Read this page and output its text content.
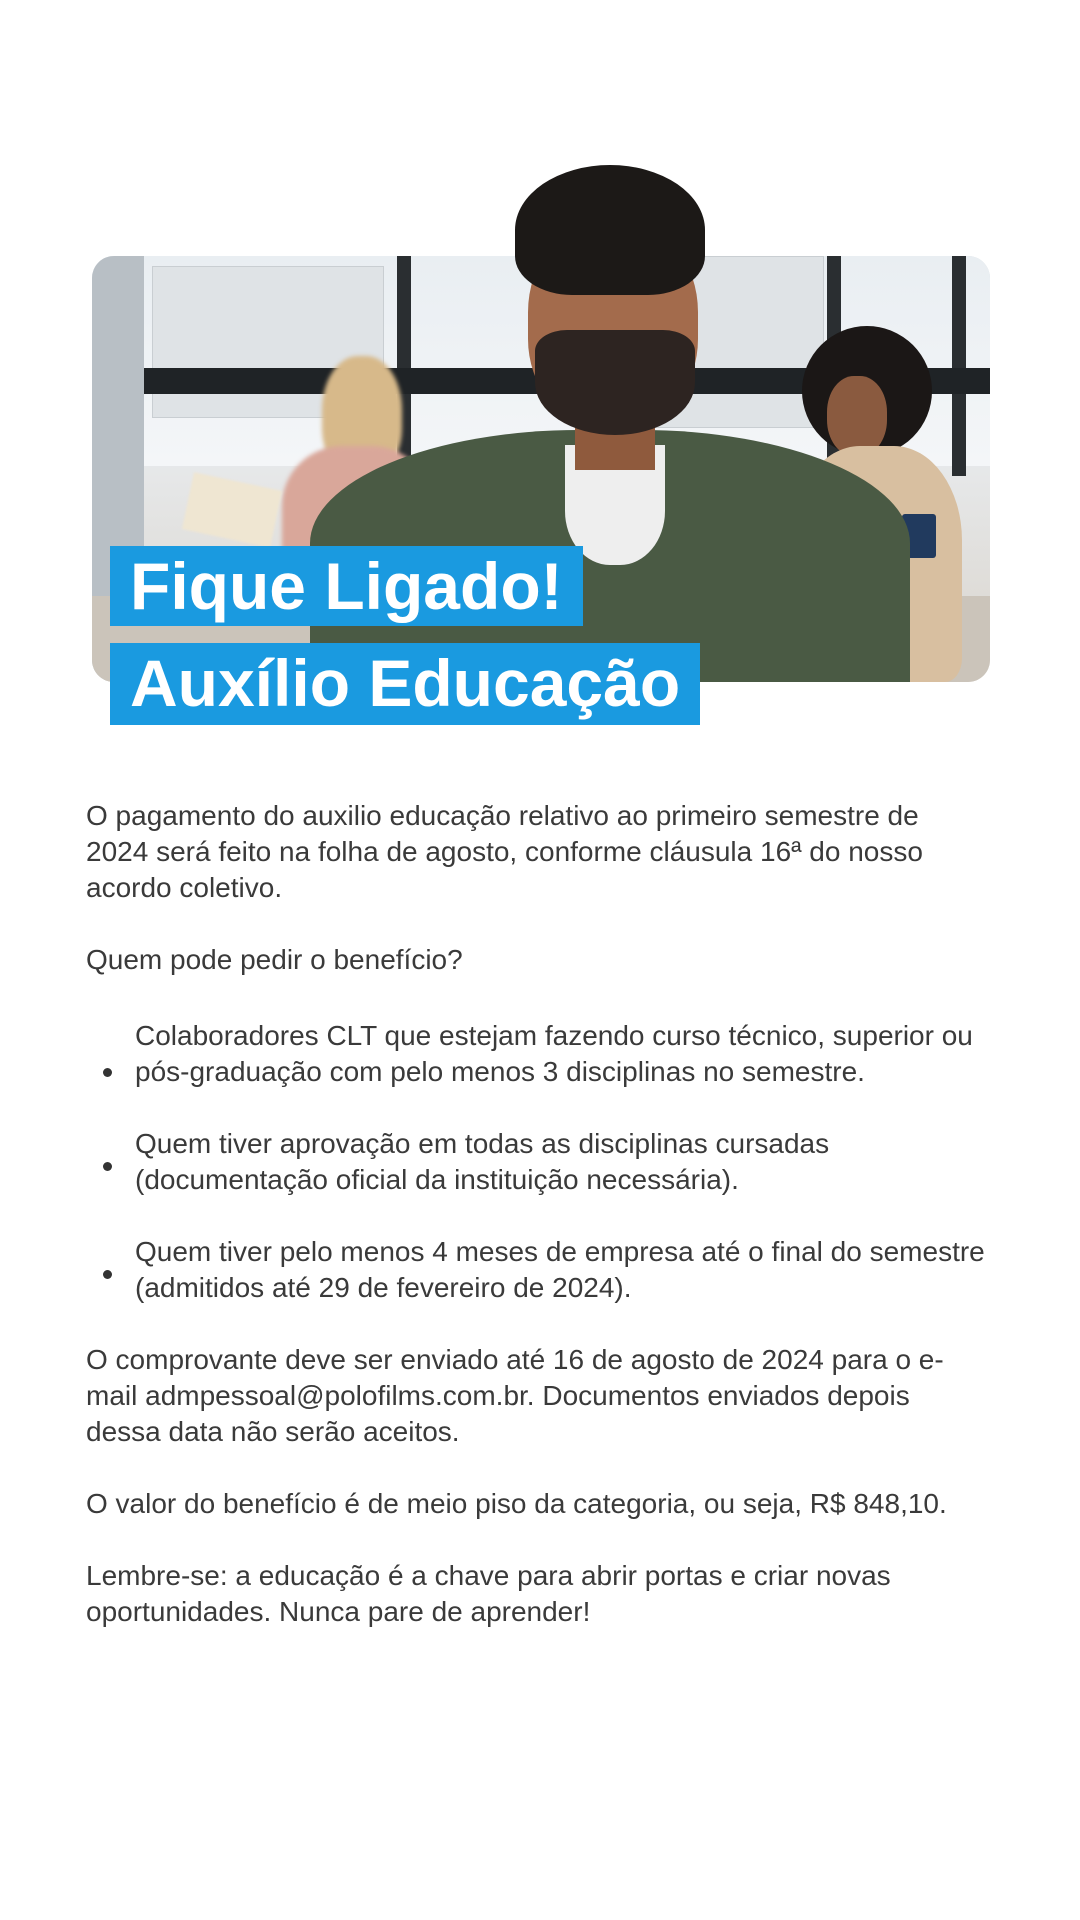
Fique Ligado!
Auxílio Educação

O pagamento do auxilio educação relativo ao primeiro semestre de 2024 será feito na folha de agosto, conforme cláusula 16ª do nosso acordo coletivo.

Quem pode pedir o benefício?

Colaboradores CLT que estejam fazendo curso técnico, superior ou pós-graduação com pelo menos 3 disciplinas no semestre.
Quem tiver aprovação em todas as disciplinas cursadas (documentação oficial da instituição necessária).
Quem tiver pelo menos 4 meses de empresa até o final do semestre (admitidos até 29 de fevereiro de 2024).

O comprovante deve ser enviado até 16 de agosto de 2024 para o e-mail admpessoal@polofilms.com.br. Documentos enviados depois dessa data não serão aceitos.

O valor do benefício é de meio piso da categoria, ou seja, R$ 848,10.

Lembre-se: a educação é a chave para abrir portas e criar novas oportunidades. Nunca pare de aprender!
